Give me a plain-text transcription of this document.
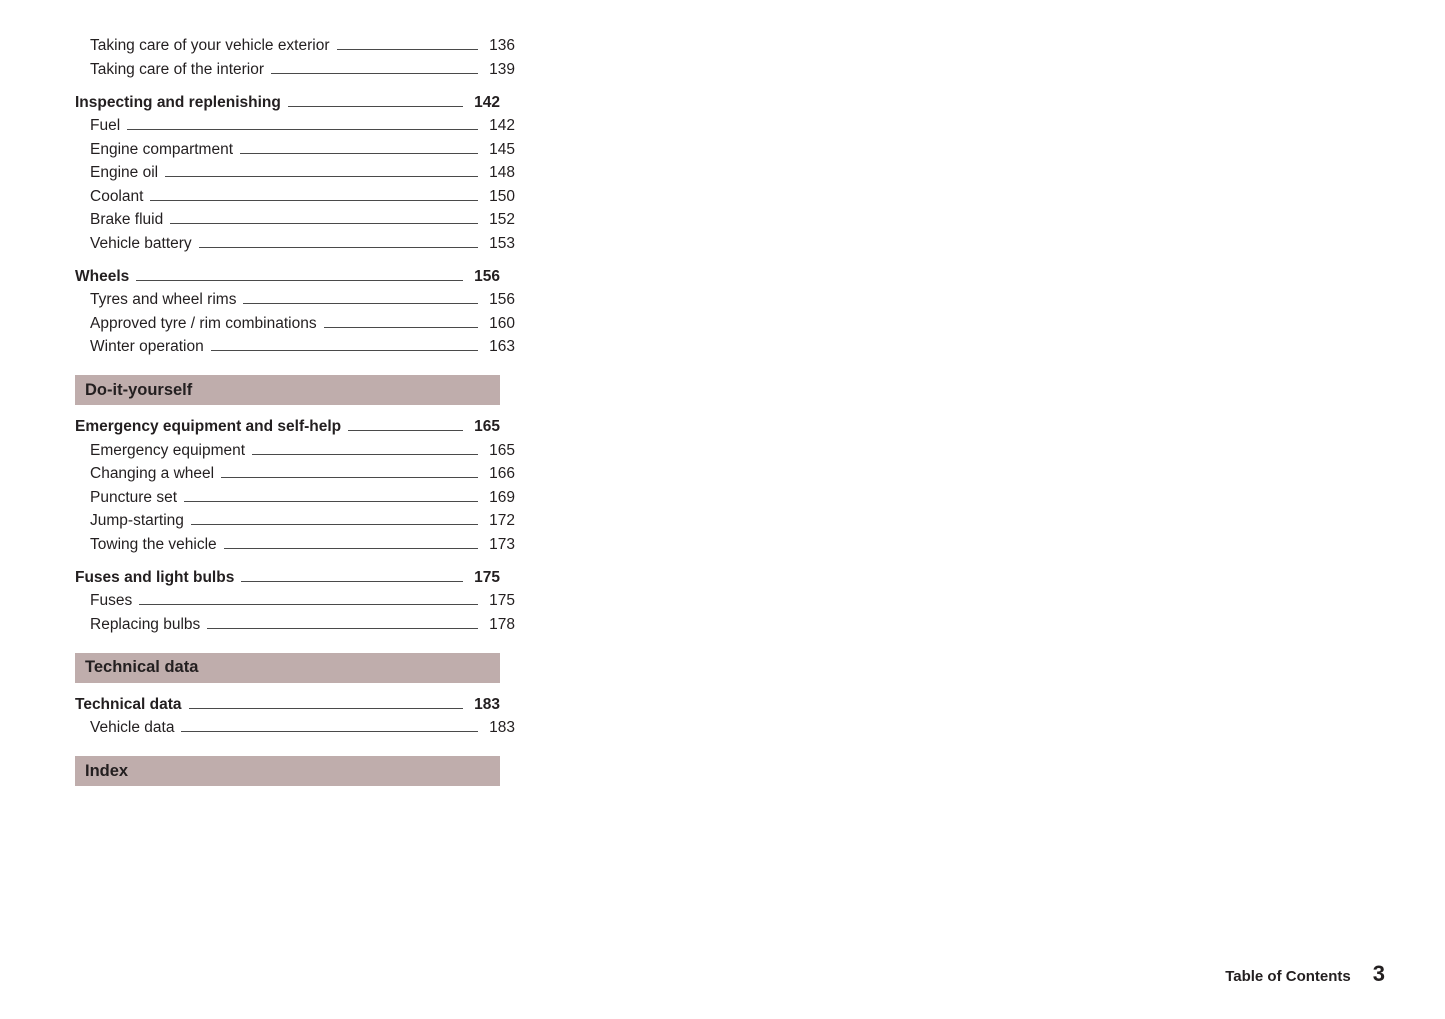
Taking care of your vehicle exterior	136
Taking care of the interior	139
Inspecting and replenishing	142
Fuel	142
Engine compartment	145
Engine oil	148
Coolant	150
Brake fluid	152
Vehicle battery	153
Wheels	156
Tyres and wheel rims	156
Approved tyre / rim combinations	160
Winter operation	163
Do-it-yourself
Emergency equipment and self-help	165
Emergency equipment	165
Changing a wheel	166
Puncture set	169
Jump-starting	172
Towing the vehicle	173
Fuses and light bulbs	175
Fuses	175
Replacing bulbs	178
Technical data
Technical data	183
Vehicle data	183
Index
Table of Contents 3
